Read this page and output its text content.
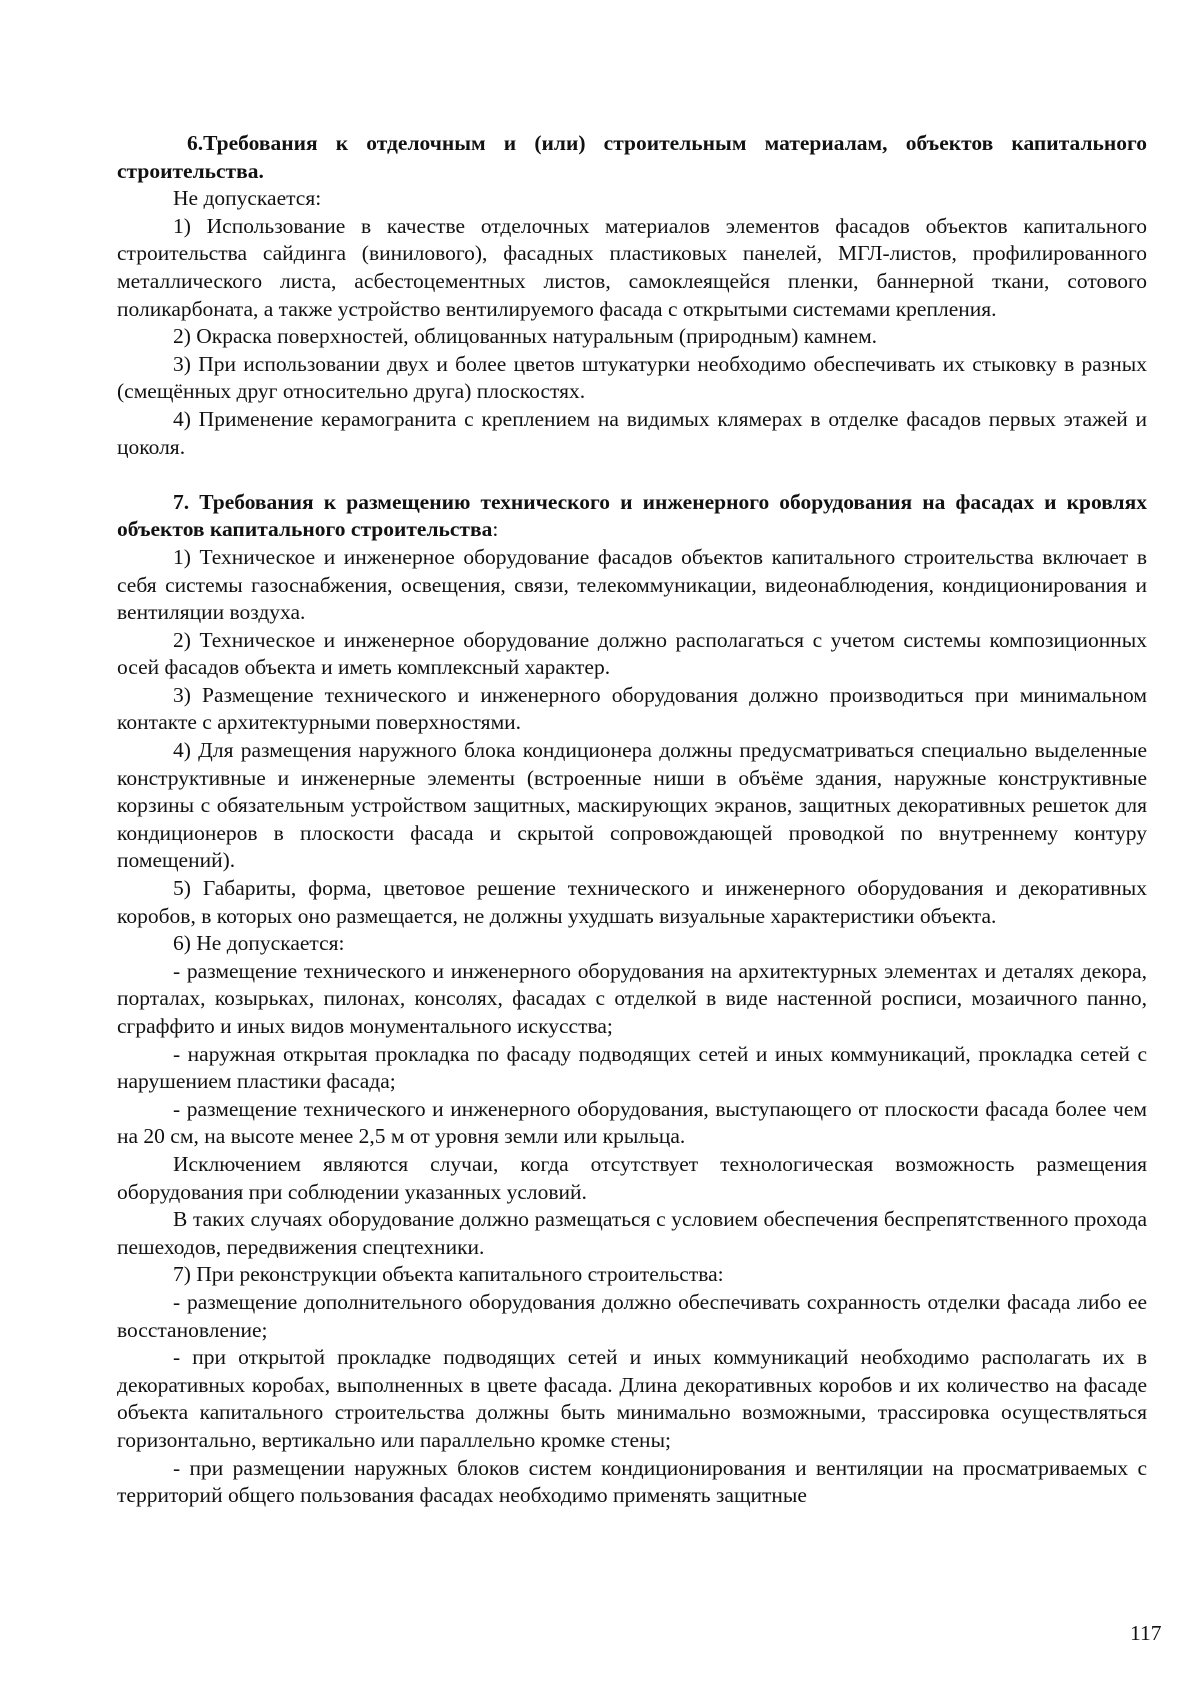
6.Требования к отделочным и (или) строительным материалам, объектов капитального строительства.

Не допускается:

1) Использование в качестве отделочных материалов элементов фасадов объектов капитального строительства сайдинга (винилового), фасадных пластиковых панелей, МГЛ-листов, профилированного металлического листа, асбестоцементных листов, самоклеящейся пленки, баннерной ткани, сотового поликарбоната, а также устройство вентилируемого фасада с открытыми системами крепления.

2) Окраска поверхностей, облицованных натуральным (природным) камнем.

3) При использовании двух и более цветов штукатурки необходимо обеспечивать их стыковку в разных (смещённых друг относительно друга) плоскостях.

4) Применение керамогранита с креплением на видимых клямерах в отделке фасадов первых этажей и цоколя.

7. Требования к размещению технического и инженерного оборудования на фасадах и кровлях объектов капитального строительства:

1) Техническое и инженерное оборудование фасадов объектов капитального строительства включает в себя системы газоснабжения, освещения, связи, телекоммуникации, видеонаблюдения, кондиционирования и вентиляции воздуха.

2) Техническое и инженерное оборудование должно располагаться с учетом системы композиционных осей фасадов объекта и иметь комплексный характер.

3) Размещение технического и инженерного оборудования должно производиться при минимальном контакте с архитектурными поверхностями.

4) Для размещения наружного блока кондиционера должны предусматриваться специально выделенные конструктивные и инженерные элементы (встроенные ниши в объёме здания, наружные конструктивные корзины с обязательным устройством защитных, маскирующих экранов, защитных декоративных решеток для кондиционеров в плоскости фасада и скрытой сопровождающей проводкой по внутреннему контуру помещений).

5) Габариты, форма, цветовое решение технического и инженерного оборудования и декоративных коробов, в которых оно размещается, не должны ухудшать визуальные характеристики объекта.

6) Не допускается:

- размещение технического и инженерного оборудования на архитектурных элементах и деталях декора, порталах, козырьках, пилонах, консолях, фасадах с отделкой в виде настенной росписи, мозаичного панно, сграффито и иных видов монументального искусства;

- наружная открытая прокладка по фасаду подводящих сетей и иных коммуникаций, прокладка сетей с нарушением пластики фасада;

- размещение технического и инженерного оборудования, выступающего от плоскости фасада более чем на 20 см, на высоте менее 2,5 м от уровня земли или крыльца.

Исключением являются случаи, когда отсутствует технологическая возможность размещения оборудования при соблюдении указанных условий.

В таких случаях оборудование должно размещаться с условием обеспечения беспрепятственного прохода пешеходов, передвижения спецтехники.

7) При реконструкции объекта капитального строительства:

- размещение дополнительного оборудования должно обеспечивать сохранность отделки фасада либо ее восстановление;

- при открытой прокладке подводящих сетей и иных коммуникаций необходимо располагать их в декоративных коробах, выполненных в цвете фасада. Длина декоративных коробов и их количество на фасаде объекта капитального строительства должны быть минимально возможными, трассировка осуществляться горизонтально, вертикально или параллельно кромке стены;

- при размещении наружных блоков систем кондиционирования и вентиляции на просматриваемых с территорий общего пользования фасадах необходимо применять защитные

117
